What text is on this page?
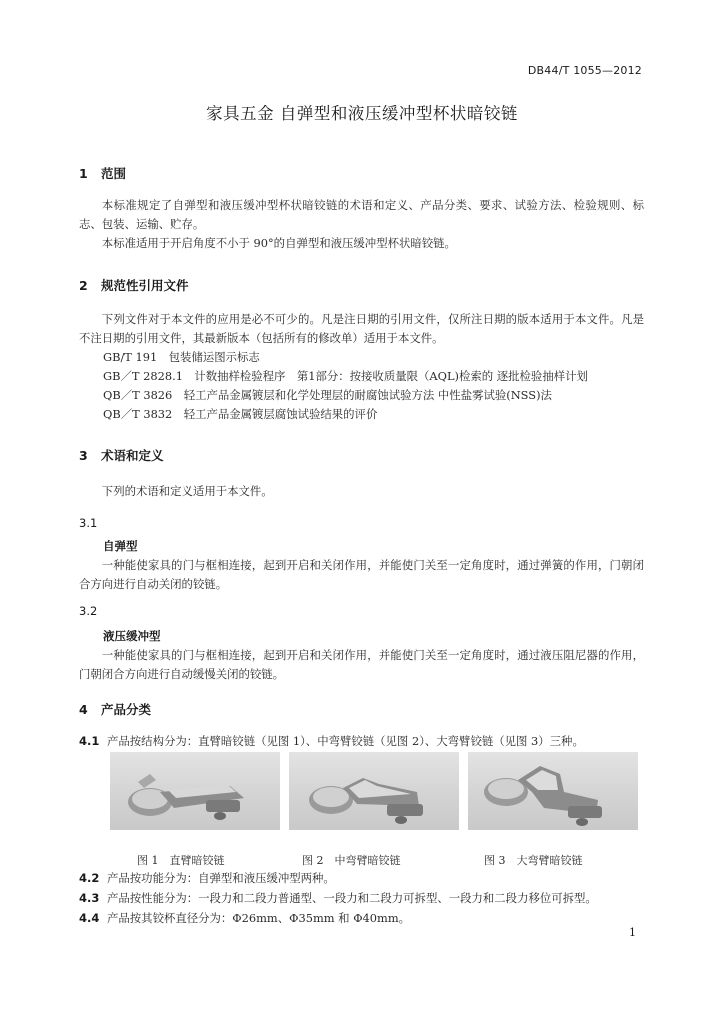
DB44/T 1055—2012
家具五金 自弹型和液压缓冲型杯状暗铰链
1 范围

本标准规定了自弹型和液压缓冲型杯状暗铰链的术语和定义、产品分类、要求、试验方法、检验规则、标志、包装、运输、贮存。

本标准适用于开启角度不小于 90°的自弹型和液压缓冲型杯状暗铰链。

2 规范性引用文件

下列文件对于本文件的应用是必不可少的。凡是注日期的引用文件，仅所注日期的版本适用于本文件。凡是不注日期的引用文件，其最新版本（包括所有的修改单）适用于本文件。

GB/T 191　包装储运图示标志
GB／T 2828.1　计数抽样检验程序　第1部分：按接收质量限（AQL)检索的 逐批检验抽样计划
QB／T 3826　轻工产品金属镀层和化学处理层的耐腐蚀试验方法 中性盐雾试验(NSS)法
QB／T 3832　轻工产品金属镀层腐蚀试验结果的评价
3 术语和定义

下列的术语和定义适用于本文件。

3.1
自弹型

一种能使家具的门与框相连接，起到开启和关闭作用，并能使门关至一定角度时，通过弹簧的作用，门朝闭合方向进行自动关闭的铰链。

3.2
液压缓冲型

一种能使家具的门与框相连接，起到开启和关闭作用，并能使门关至一定角度时，通过液压阻尼器的作用，门朝闭合方向进行自动缓慢关闭的铰链。

4 产品分类
4.1 产品按结构分为：直臂暗铰链（见图 1）、中弯臂铰链（见图 2）、大弯臂铰链（见图 3）三种。
图 1　直臂暗铰链	图 2　中弯臂暗铰链	图 3　大弯臂暗铰链
4.2 产品按功能分为：自弹型和液压缓冲型两种。
4.3 产品按性能分为：一段力和二段力普通型、一段力和二段力可拆型、一段力和二段力移位可拆型。
4.4 产品按其铰杯直径分为：Φ26mm、Φ35mm 和 Φ40mm。
1
